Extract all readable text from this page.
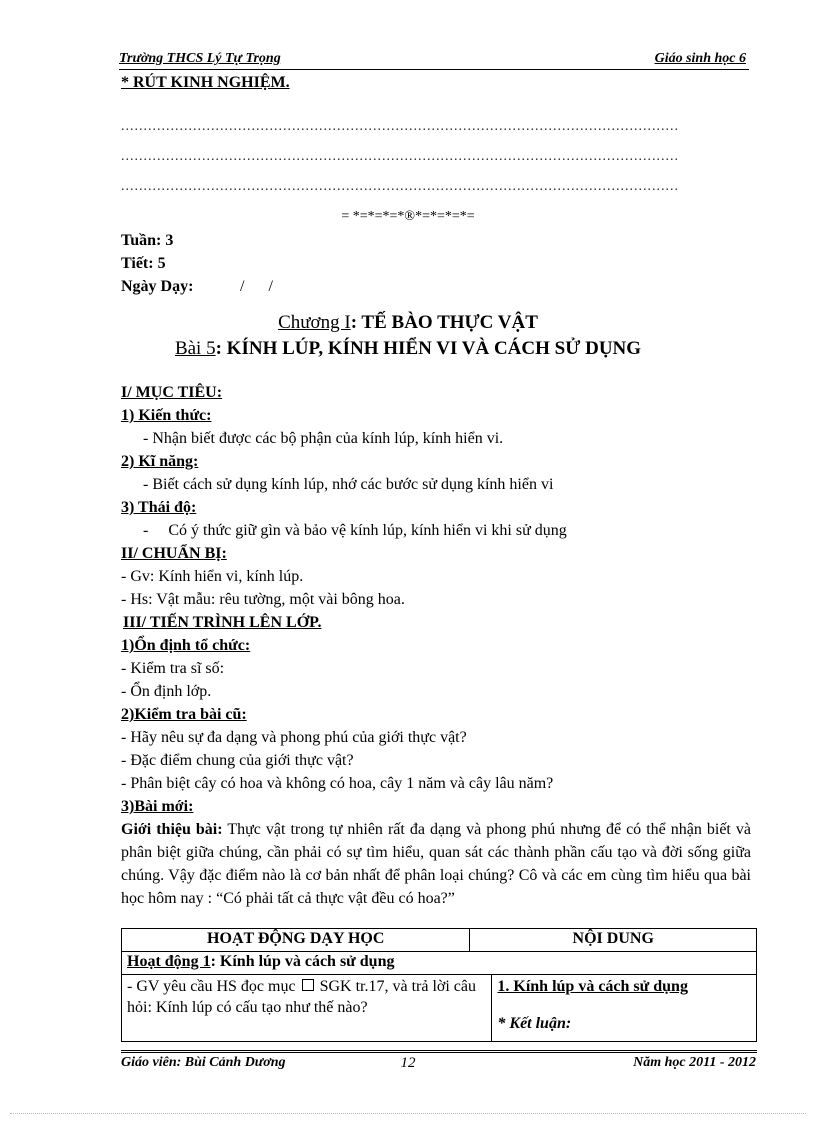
Trường THCS Lý Tự Trọng	Giáo sinh học 6
* RÚT KINH NGHIỆM.
............................................................................................................................
............................................................................................................................
............................................................................................................................
= *=*=*=*®*=*=*=*=
Tuần: 3
Tiết: 5
Ngày Dạy:	/      /
Chương I: TẾ BÀO THỰC VẬT
Bài 5: KÍNH LÚP, KÍNH HIỂN VI VÀ CÁCH SỬ DỤNG
I/ MỤC TIÊU:
1) Kiến thức:
- Nhận biết được các bộ phận của kính lúp, kính hiển vi.
2) Kĩ năng:
- Biết cách sử dụng kính lúp, nhớ các bước sử dụng kính hiển vi
3) Thái độ:
-     Có ý thức giữ gìn và bảo vệ kính lúp, kính hiển vi khi sử dụng
II/ CHUẨN BỊ:
- Gv: Kính hiển vi, kính lúp.
- Hs: Vật mẫu: rêu tường, một vài bông hoa.
III/ TIẾN TRÌNH LÊN LỚP.
1)Ổn định tổ chức:
- Kiểm tra sĩ số:
- Ổn định lớp.
2)Kiểm tra bài cũ:
- Hãy nêu sự đa dạng và phong phú của giới thực vật?
- Đặc điểm chung của giới thực vật?
- Phân biệt cây có hoa và không có hoa, cây 1 năm và cây lâu năm?
3)Bài mới:
Giới thiệu bài: Thực vật trong tự nhiên rất đa dạng và phong phú nhưng để có thể nhận biết và phân biệt giữa chúng, cần phải có sự tìm hiểu, quan sát các thành phần cấu tạo và đời sống giữa chúng. Vậy đặc điểm nào là cơ bản nhất để phân loại chúng? Cô và các em cùng tìm hiểu qua bài học hôm nay : “Có phải tất cả thực vật đều có hoa?”
HOẠT ĐỘNG DẠY HỌC	NỘI DUNG	
Hoạt động 1: Kính lúp và cách sử dụng		
- GV yêu cầu HS đọc mục SGK tr.17, và trả lời câu hỏi: Kính lúp có cấu tạo như thế nào?		1. Kính lúp và cách sử dụng
* Kết luận:
Giáo viên: Bùi Cảnh Dương	12	Năm học 2011 - 2012
